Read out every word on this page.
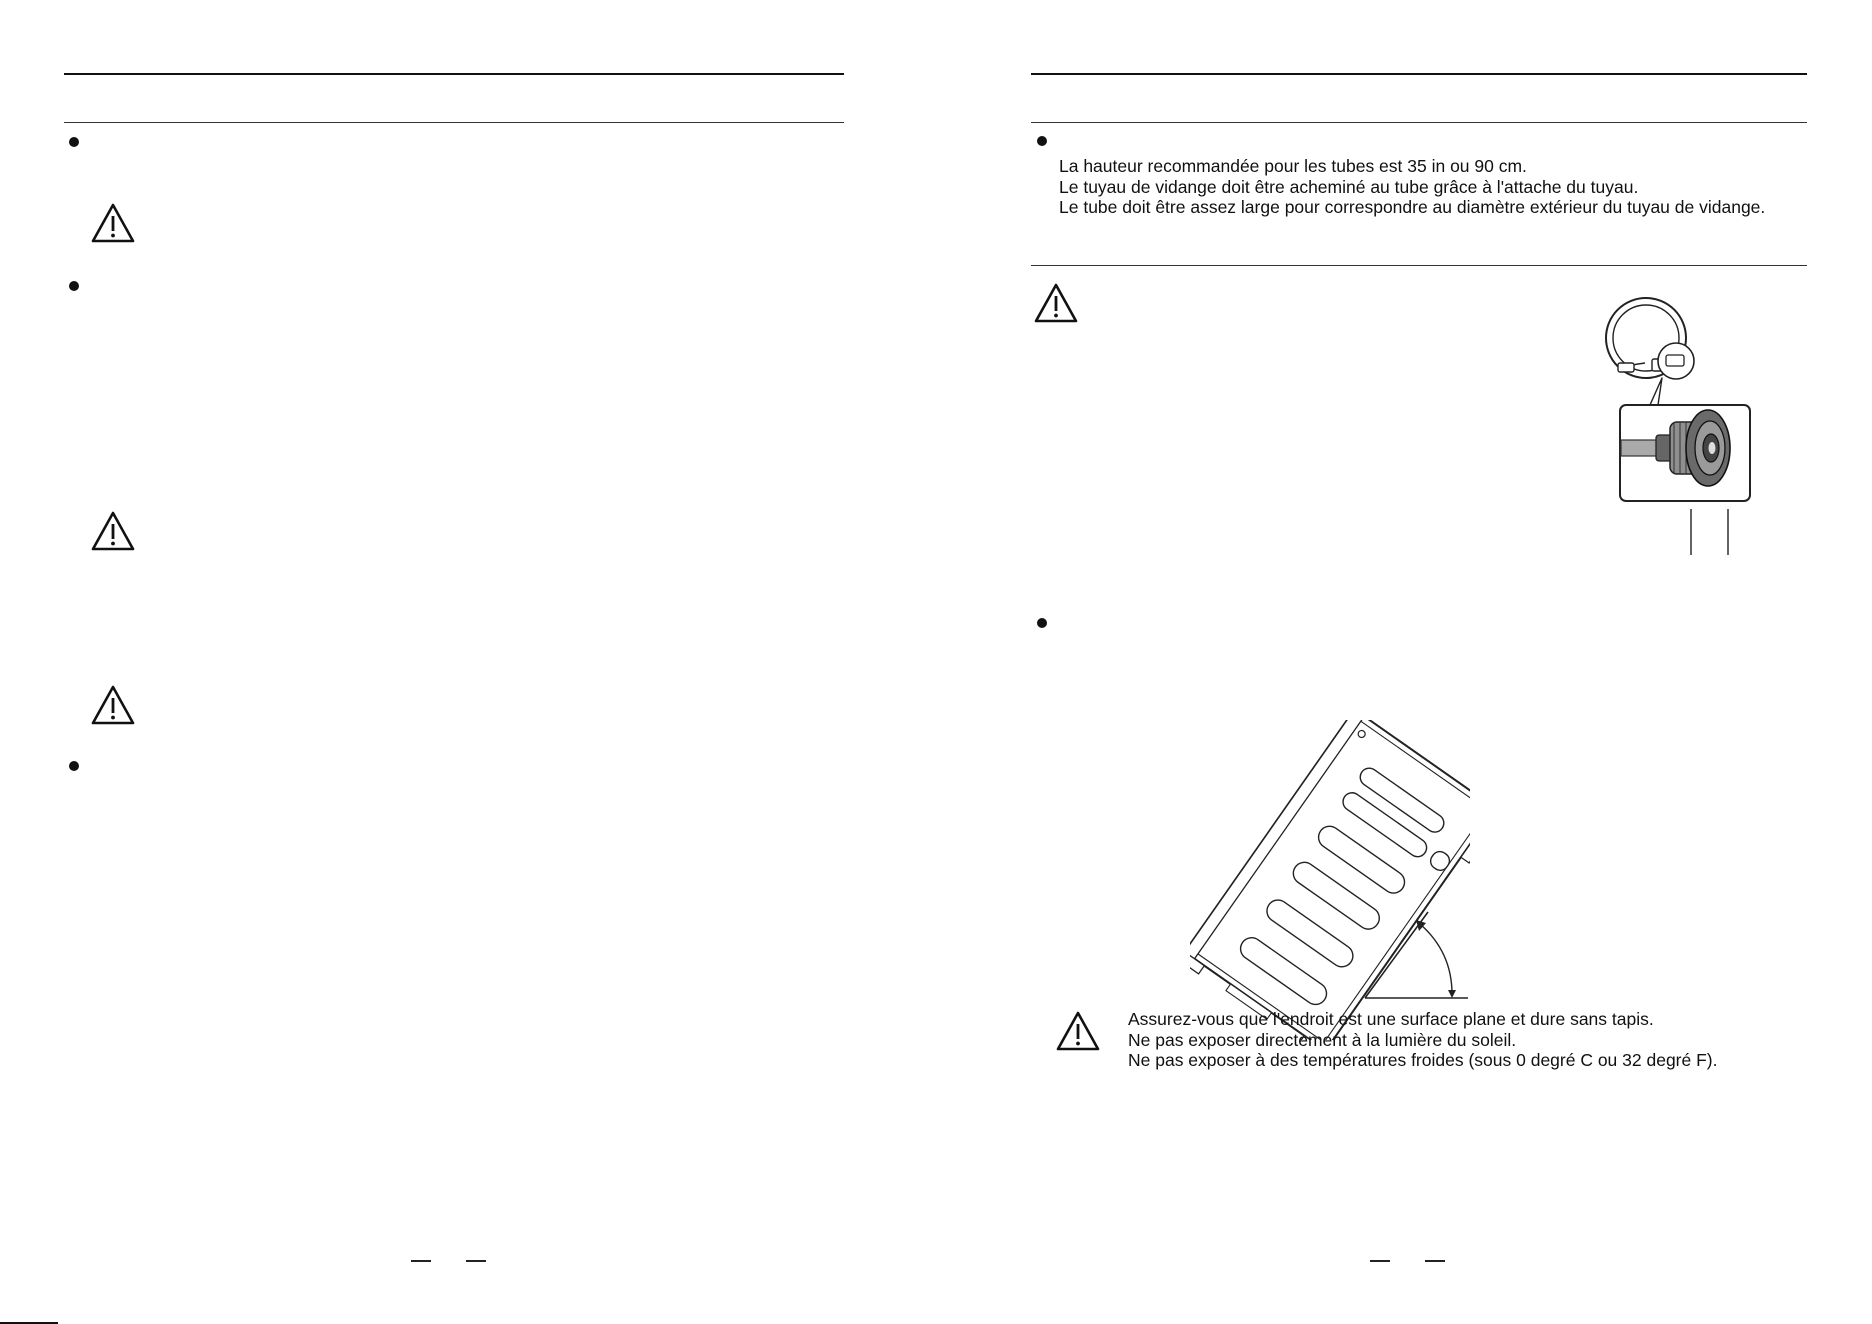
La hauteur recommandée pour les tubes est 35 in ou 90 cm.

Le tuyau de vidange doit être acheminé au tube grâce à l'attache du tuyau.

Le tube doit être assez large pour correspondre au diamètre extérieur du tuyau de vidange.

Assurez-vous que l'endroit est une surface plane et dure sans tapis.

Ne pas exposer directement à la lumière du soleil.

Ne pas exposer à des températures froides (sous 0 degré C ou 32 degré F).
